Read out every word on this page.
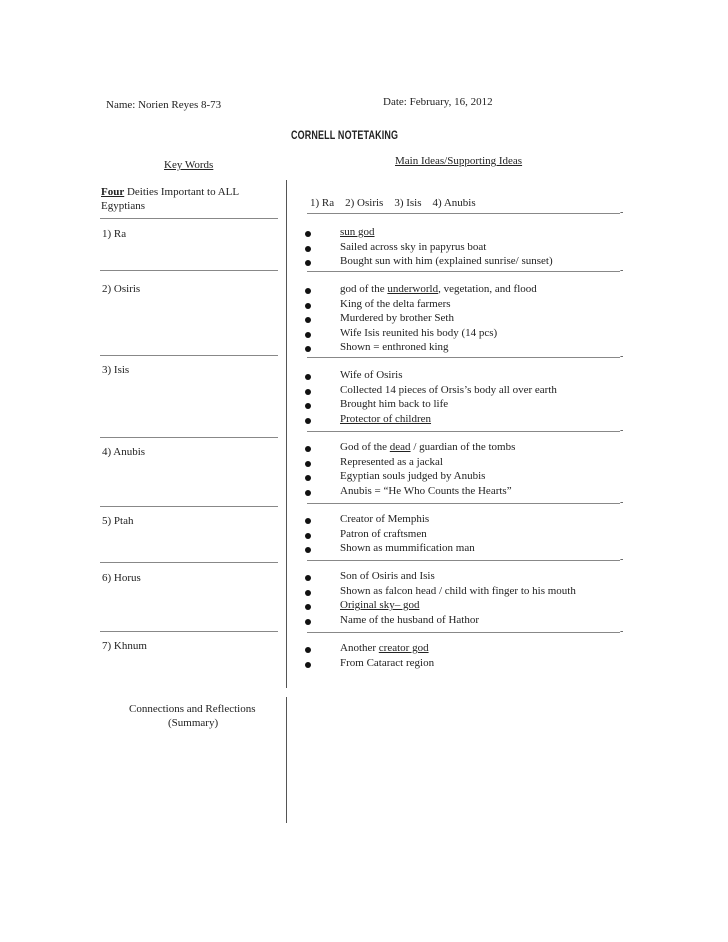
Name: Norien Reyes 8-73	Date: February, 16, 2012
CORNELL NOTETAKING
Key Words	Main Ideas/Supporting Ideas
Four Deities Important to ALL
Egyptians	1) Ra    2) Osiris    3) Isis    4) Anubis
-
1) Ra	sun god
Sailed across sky in papyrus boat
Bought sun with him (explained sunrise/ sunset)
-
2) Osiris	god of the underworld, vegetation, and flood
King of the delta farmers
Murdered by brother Seth
Wife Isis reunited his body (14 pcs)
Shown = enthroned king
-
3) Isis	Wife of Osiris
Collected 14 pieces of Orsis’s body all over earth
Brought him back to life
Protector of children
-
4) Anubis	God of the dead / guardian of the tombs
Represented as a jackal
Egyptian souls judged by Anubis
Anubis = “He Who Counts the Hearts”
-
5) Ptah	Creator of Memphis
Patron of craftsmen
Shown as mummification man
-
6) Horus	Son of Osiris and Isis
Shown as falcon head / child with finger to his mouth
Original sky– god
Name of the husband of Hathor
-
7) Khnum	Another creator god
From Cataract region
Connections and Reflections
(Summary)
